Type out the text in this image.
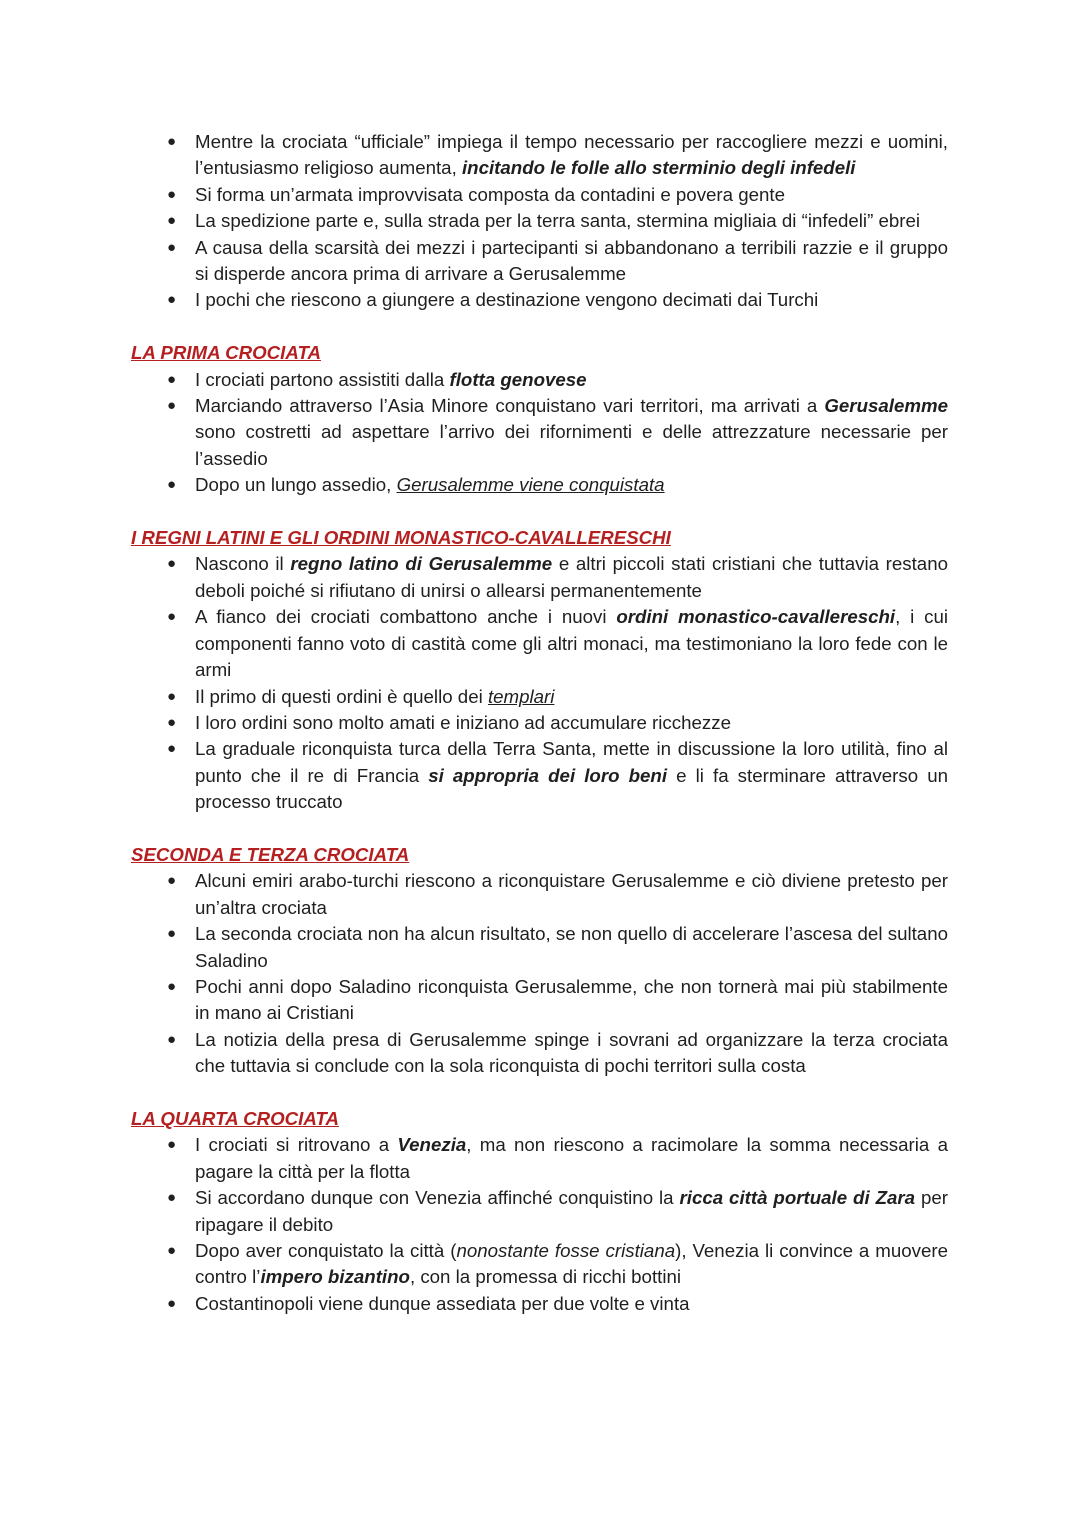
● Mentre la crociata “ufficiale” impiega il tempo necessario per raccogliere mezzi e uomini, l’entusiasmo religioso aumenta, incitando le folle allo sterminio degli infedeli
● Si forma un’armata improvvisata composta da contadini e povera gente
● La spedizione parte e, sulla strada per la terra santa, stermina migliaia di “infedeli” ebrei
● A causa della scarsità dei mezzi i partecipanti si abbandonano a terribili razzie e il gruppo si disperde ancora prima di arrivare a Gerusalemme
● I pochi che riescono a giungere a destinazione vengono decimati dai Turchi
LA PRIMA CROCIATA
● I crociati partono assistiti dalla flotta genovese
● Marciando attraverso l’Asia Minore conquistano vari territori, ma arrivati a Gerusalemme sono costretti ad aspettare l’arrivo dei rifornimenti e delle attrezzature necessarie per l’assedio
● Dopo un lungo assedio, Gerusalemme viene conquistata
I REGNI LATINI E GLI ORDINI MONASTICO-CAVALLERESCHI
● Nascono il regno latino di Gerusalemme e altri piccoli stati cristiani che tuttavia restano deboli poiché si rifiutano di unirsi o allearsi permanentemente
● A fianco dei crociati combattono anche i nuovi ordini monastico-cavallereschi, i cui componenti fanno voto di castità come gli altri monaci, ma testimoniano la loro fede con le armi
● Il primo di questi ordini è quello dei templari
● I loro ordini sono molto amati e iniziano ad accumulare ricchezze
● La graduale riconquista turca della Terra Santa, mette in discussione la loro utilità, fino al punto che il re di Francia si appropria dei loro beni e li fa sterminare attraverso un processo truccato
SECONDA E TERZA CROCIATA
● Alcuni emiri arabo-turchi riescono a riconquistare Gerusalemme e ciò diviene pretesto per un’altra crociata
● La seconda crociata non ha alcun risultato, se non quello di accelerare l’ascesa del sultano Saladino
● Pochi anni dopo Saladino riconquista Gerusalemme, che non tornerà mai più stabilmente in mano ai Cristiani
● La notizia della presa di Gerusalemme spinge i sovrani ad organizzare la terza crociata che tuttavia si conclude con la sola riconquista di pochi territori sulla costa
LA QUARTA CROCIATA
● I crociati si ritrovano a Venezia, ma non riescono a racimolare la somma necessaria a pagare la città per la flotta
● Si accordano dunque con Venezia affinché conquistino la ricca città portuale di Zara per ripagare il debito
● Dopo aver conquistato la città (nonostante fosse cristiana), Venezia li convince a muovere contro l’impero bizantino, con la promessa di ricchi bottini
● Costantinopoli viene dunque assediata per due volte e vinta
